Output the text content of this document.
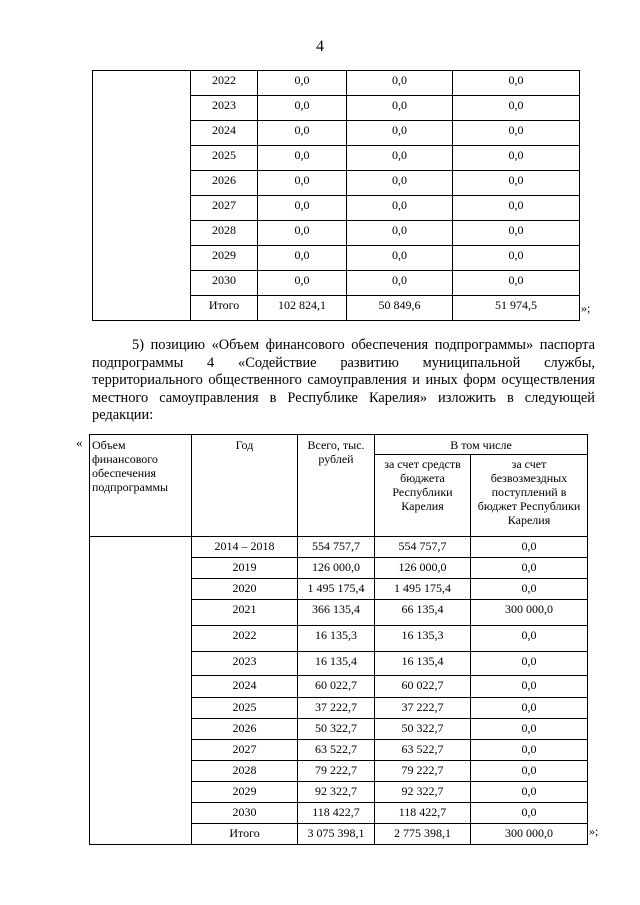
4
	2022	0,0	0,0	0,0
	2023	0,0	0,0	0,0
	2024	0,0	0,0	0,0
	2025	0,0	0,0	0,0
	2026	0,0	0,0	0,0
	2027	0,0	0,0	0,0
	2028	0,0	0,0	0,0
	2029	0,0	0,0	0,0
	2030	0,0	0,0	0,0
	Итого	102 824,1	50 849,6	51 974,5	»;
5) позицию «Объем финансового обеспечения подпрограммы» паспорта
подпрограммы 4 «Содействие развитию муниципальной службы,
территориального общественного самоуправления и иных форм осуществления
местного самоуправления в Республике Карелия» изложить в следующей
редакции:
« Объем финансового обеспечения подпрограммы	Год	Всего, тыс. рублей	В том числе	
			за счет средств бюджета Республики Карелия	за счет безвозмездных поступлений в бюджет Республики Карелия
	2014 – 2018	554 757,7	554 757,7	0,0
	2019	126 000,0	126 000,0	0,0
	2020	1 495 175,4	1 495 175,4	0,0
	2021	366 135,4	66 135,4	300 000,0
	2022	16 135,3	16 135,3	0,0
	2023	16 135,4	16 135,4	0,0
	2024	60 022,7	60 022,7	0,0
	2025	37 222,7	37 222,7	0,0
	2026	50 322,7	50 322,7	0,0
	2027	63 522,7	63 522,7	0,0
	2028	79 222,7	79 222,7	0,0
	2029	92 322,7	92 322,7	0,0
	2030	118 422,7	118 422,7	0,0
	Итого	3 075 398,1	2 775 398,1	300 000,0	»;
